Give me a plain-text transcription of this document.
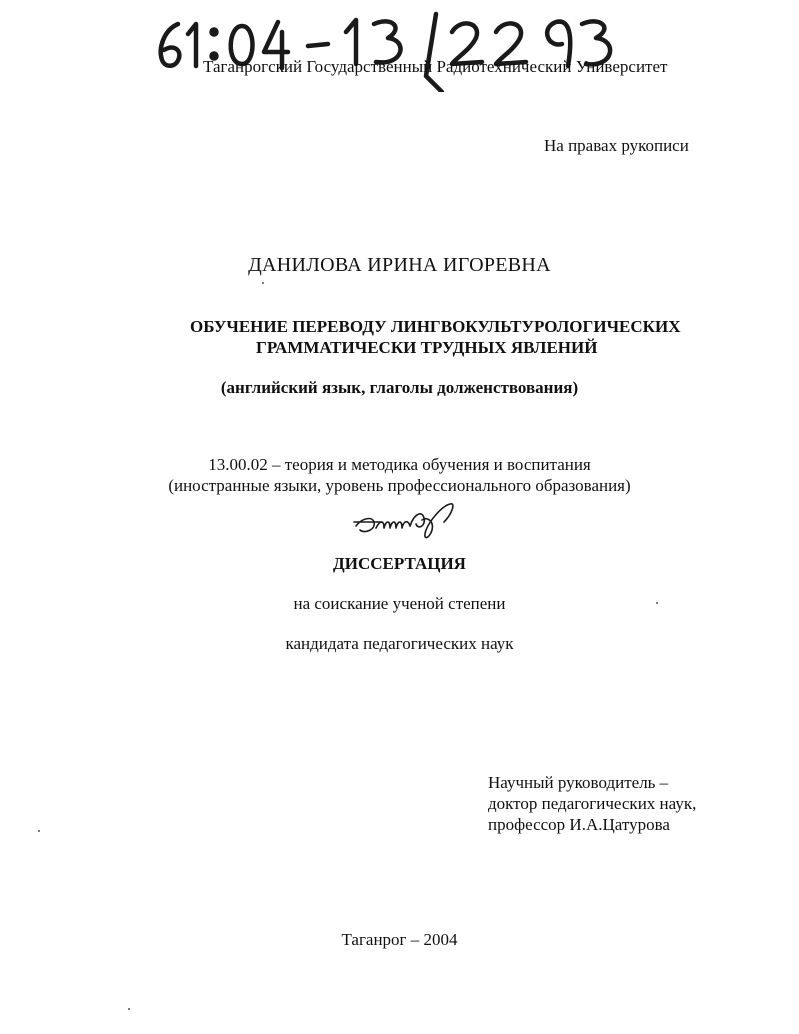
Таганрогский Государственный Радиотехнический Университет
На правах рукописи
ДАНИЛОВА ИРИНА ИГОРЕВНА
ОБУЧЕНИЕ ПЕРЕВОДУ ЛИНГВОКУЛЬТУРОЛОГИЧЕСКИХ
ГРАММАТИЧЕСКИ ТРУДНЫХ ЯВЛЕНИЙ
(английский язык, глаголы долженствования)
13.00.02 – теория и методика обучения и воспитания
(иностранные языки, уровень профессионального образования)
ДИССЕРТАЦИЯ
на соискание ученой степени
кандидата педагогических наук
Научный руководитель –
доктор педагогических наук,
профессор И.А.Цатурова
Таганрог – 2004
